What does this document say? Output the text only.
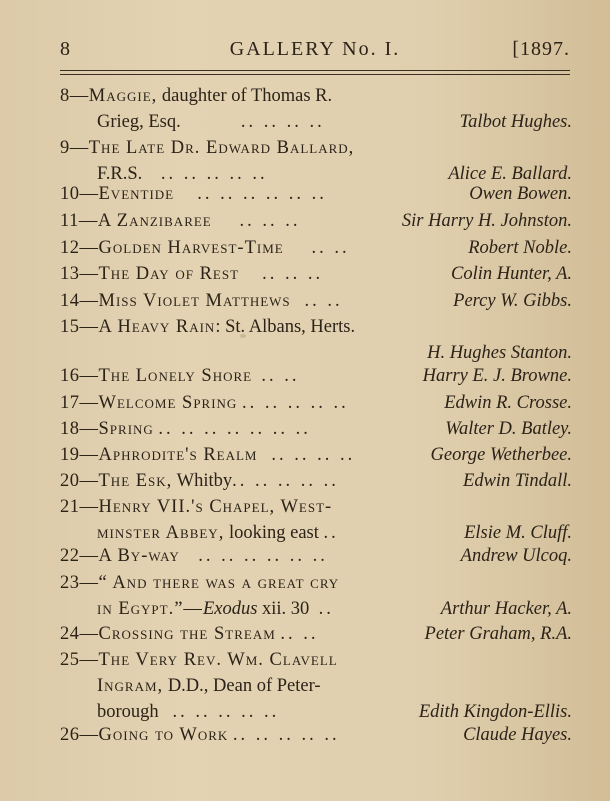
8	GALLERY No. I.	[1897.
8—Maggie, daughter of Thomas R.
Grieg, Esq.	.. .. .. ..	Talbot Hughes.
9—The Late Dr. Edward Ballard,
F.R.S. .. .. .. .. ..	Alice E. Ballard.
10—Eventide .. .. .. .. .. ..	Owen Bowen.
11—A Zanzibaree .. .. ..	Sir Harry H. Johnston.
12—Golden Harvest-Time .. ..	Robert Noble.
13—The Day of Rest .. .. ..	Colin Hunter, A.
14—Miss Violet Matthews .. ..	Percy W. Gibbs.
15—A Heavy Rain: St. Albans, Herts.
H. Hughes Stanton.
16—The Lonely Shore .. ..	Harry E. J. Browne.
17—Welcome Spring .. .. .. .. ..	Edwin R. Crosse.
18—Spring .. .. .. .. .. .. ..	Walter D. Batley.
19—Aphrodite's Realm .. .. .. ..	George Wetherbee.
20—The Esk, Whitby.. .. .. .. ..	Edwin Tindall.
21—Henry VII.'s Chapel, West-
minster Abbey, looking east ..	Elsie M. Cluff.
22—A By-way .. .. .. .. .. ..	Andrew Ulcoq.
23—“ And there was a great cry
in Egypt.”—Exodus xii. 30 ..	Arthur Hacker, A.
24—Crossing the Stream .. ..	Peter Graham, R.A.
25—The Very Rev. Wm. Clavell
Ingram, D.D., Dean of Peter-
borough .. .. .. .. ..	Edith Kingdon-Ellis.
26—Going to Work .. .. .. .. ..	Claude Hayes.
